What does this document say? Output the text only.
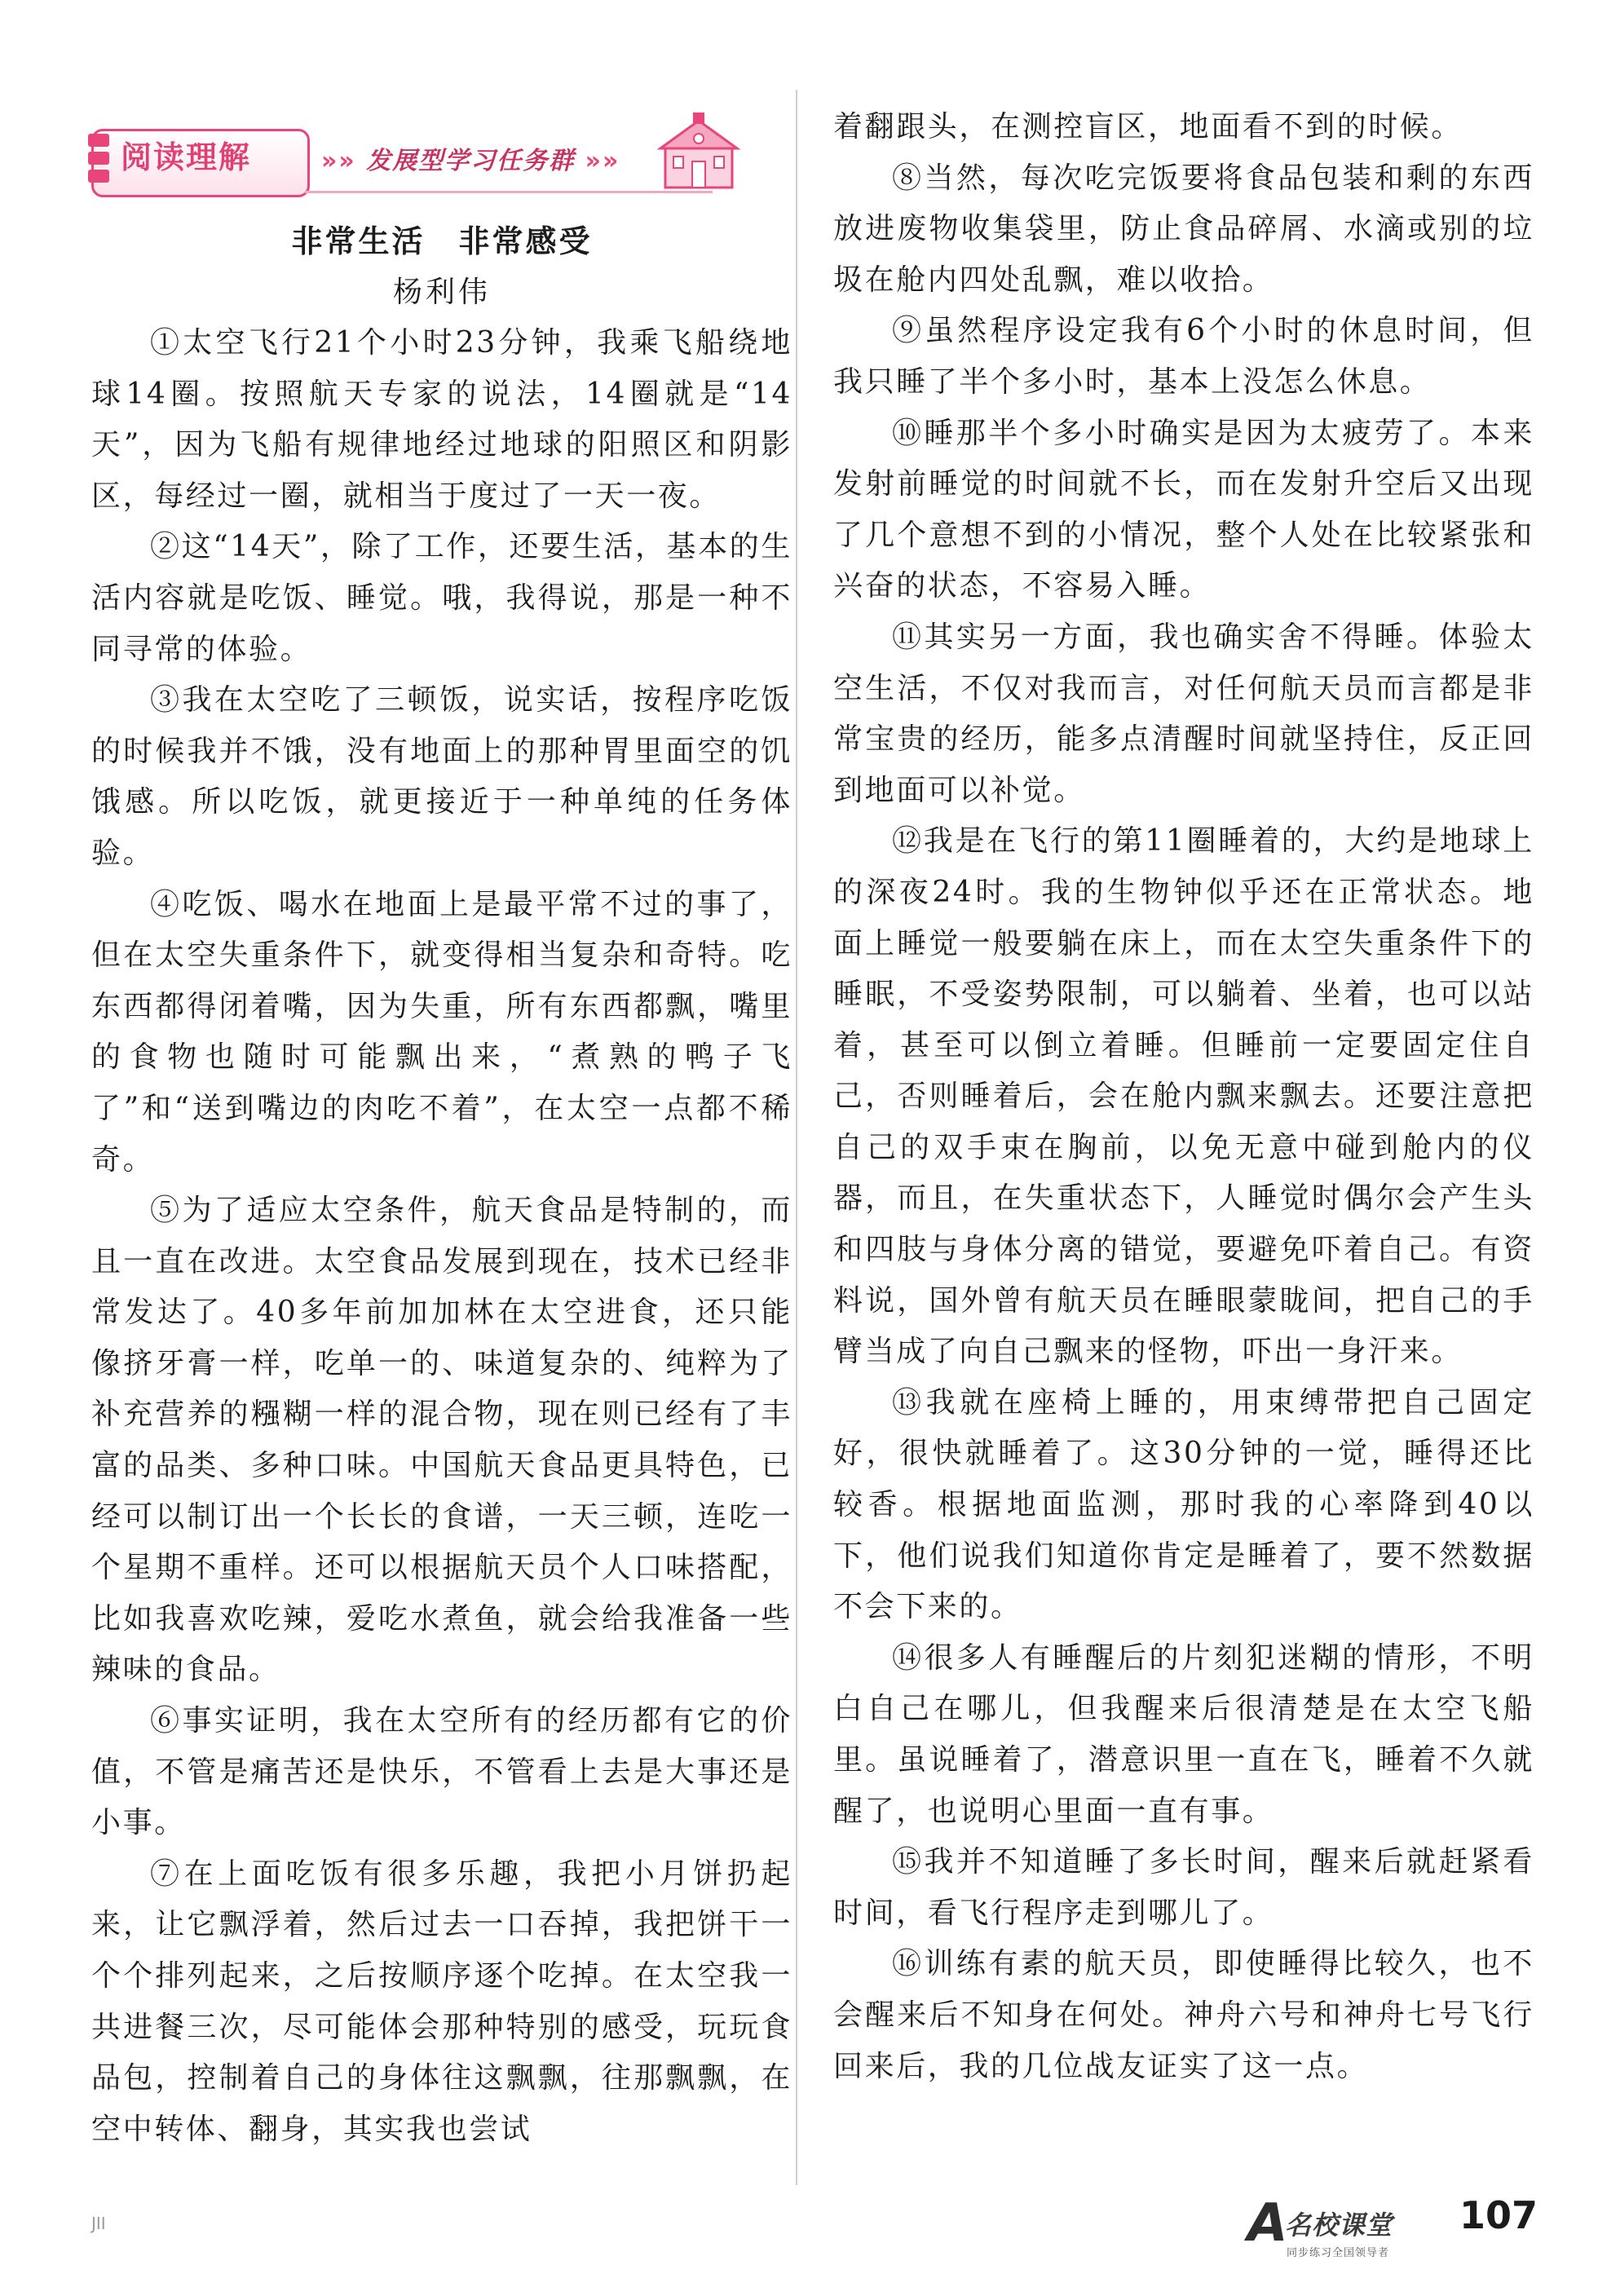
阅读理解	»» 发展型学习任务群 »»
非常生活　非常感受
杨利伟

①太空飞行21个小时23分钟，我乘飞船绕地球14圈。按照航天专家的说法，14圈就是“14天”，因为飞船有规律地经过地球的阳照区和阴影区，每经过一圈，就相当于度过了一天一夜。

②这“14天”，除了工作，还要生活，基本的生活内容就是吃饭、睡觉。哦，我得说，那是一种不同寻常的体验。

③我在太空吃了三顿饭，说实话，按程序吃饭的时候我并不饿，没有地面上的那种胃里面空的饥饿感。所以吃饭，就更接近于一种单纯的任务体验。

④吃饭、喝水在地面上是最平常不过的事了，但在太空失重条件下，就变得相当复杂和奇特。吃东西都得闭着嘴，因为失重，所有东西都飘，嘴里的食物也随时可能飘出来，“煮熟的鸭子飞了”和“送到嘴边的肉吃不着”，在太空一点都不稀奇。

⑤为了适应太空条件，航天食品是特制的，而且一直在改进。太空食品发展到现在，技术已经非常发达了。40多年前加加林在太空进食，还只能像挤牙膏一样，吃单一的、味道复杂的、纯粹为了补充营养的糨糊一样的混合物，现在则已经有了丰富的品类、多种口味。中国航天食品更具特色，已经可以制订出一个长长的食谱，一天三顿，连吃一个星期不重样。还可以根据航天员个人口味搭配，比如我喜欢吃辣，爱吃水煮鱼，就会给我准备一些辣味的食品。

⑥事实证明，我在太空所有的经历都有它的价值，不管是痛苦还是快乐，不管看上去是大事还是小事。

⑦在上面吃饭有很多乐趣，我把小月饼扔起来，让它飘浮着，然后过去一口吞掉，我把饼干一个个排列起来，之后按顺序逐个吃掉。在太空我一共进餐三次，尽可能体会那种特别的感受，玩玩食品包，控制着自己的身体往这飘飘，往那飘飘，在空中转体、翻身，其实我也尝试

着翻跟头，在测控盲区，地面看不到的时候。

⑧当然，每次吃完饭要将食品包装和剩的东西放进废物收集袋里，防止食品碎屑、水滴或别的垃圾在舱内四处乱飘，难以收拾。

⑨虽然程序设定我有6个小时的休息时间，但我只睡了半个多小时，基本上没怎么休息。

⑩睡那半个多小时确实是因为太疲劳了。本来发射前睡觉的时间就不长，而在发射升空后又出现了几个意想不到的小情况，整个人处在比较紧张和兴奋的状态，不容易入睡。

⑪其实另一方面，我也确实舍不得睡。体验太空生活，不仅对我而言，对任何航天员而言都是非常宝贵的经历，能多点清醒时间就坚持住，反正回到地面可以补觉。

⑫我是在飞行的第11圈睡着的，大约是地球上的深夜24时。我的生物钟似乎还在正常状态。地面上睡觉一般要躺在床上，而在太空失重条件下的睡眠，不受姿势限制，可以躺着、坐着，也可以站着，甚至可以倒立着睡。但睡前一定要固定住自己，否则睡着后，会在舱内飘来飘去。还要注意把自己的双手束在胸前，以免无意中碰到舱内的仪器，而且，在失重状态下，人睡觉时偶尔会产生头和四肢与身体分离的错觉，要避免吓着自己。有资料说，国外曾有航天员在睡眼蒙眬间，把自己的手臂当成了向自己飘来的怪物，吓出一身汗来。

⑬我就在座椅上睡的，用束缚带把自己固定好，很快就睡着了。这30分钟的一觉，睡得还比较香。根据地面监测，那时我的心率降到40以下，他们说我们知道你肯定是睡着了，要不然数据不会下来的。

⑭很多人有睡醒后的片刻犯迷糊的情形，不明白自己在哪儿，但我醒来后很清楚是在太空飞船里。虽说睡着了，潜意识里一直在飞，睡着不久就醒了，也说明心里面一直有事。

⑮我并不知道睡了多长时间，醒来后就赶紧看时间，看飞行程序走到哪儿了。

⑯训练有素的航天员，即使睡得比较久，也不会醒来后不知身在何处。神舟六号和神舟七号飞行回来后，我的几位战友证实了这一点。

JII	A
名校课堂
同步练习全国领导者
107
